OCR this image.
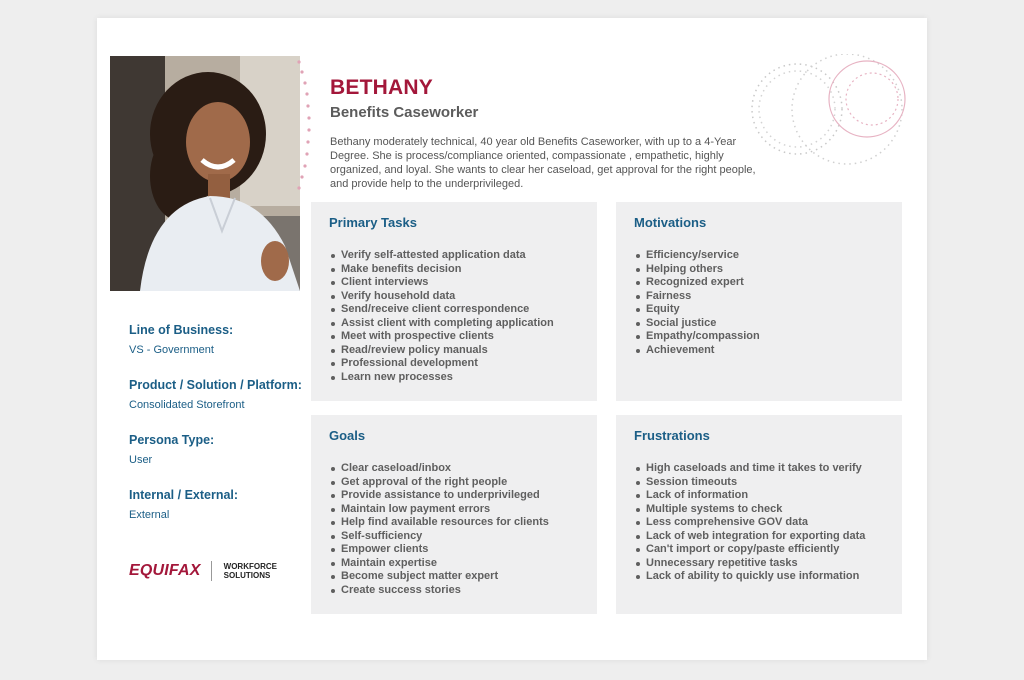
BETHANY
Benefits Caseworker
Bethany moderately technical, 40 year old Benefits Caseworker, with up to a 4-Year Degree. She is process/compliance oriented, compassionate , empathetic, highly organized, and loyal. She wants to clear her caseload, get approval for the right people, and provide help to the underprivileged.
Line of Business:
VS - Government
Product / Solution / Platform:
Consolidated Storefront
Persona Type:
User
Internal / External:
External
EQUIFAX	WORKFORCE
SOLUTIONS
Primary Tasks
Verify self-attested application data
Make benefits decision
Client interviews
Verify household data
Send/receive client correspondence
Assist client with completing application
Meet with prospective clients
Read/review policy manuals
Professional development
Learn new processes
Motivations
Efficiency/service
Helping others
Recognized expert
Fairness
Equity
Social justice
Empathy/compassion
Achievement
Goals
Clear caseload/inbox
Get approval of the right people
Provide assistance to underprivileged
Maintain low payment errors
Help find available resources for clients
Self-sufficiency
Empower clients
Maintain expertise
Become subject matter expert
Create success stories
Frustrations
High caseloads and time it takes to verify
Session timeouts
Lack of information
Multiple systems to check
Less comprehensive GOV data
Lack of web integration for exporting data
Can't import or copy/paste efficiently
Unnecessary repetitive tasks
Lack of ability to quickly use information
